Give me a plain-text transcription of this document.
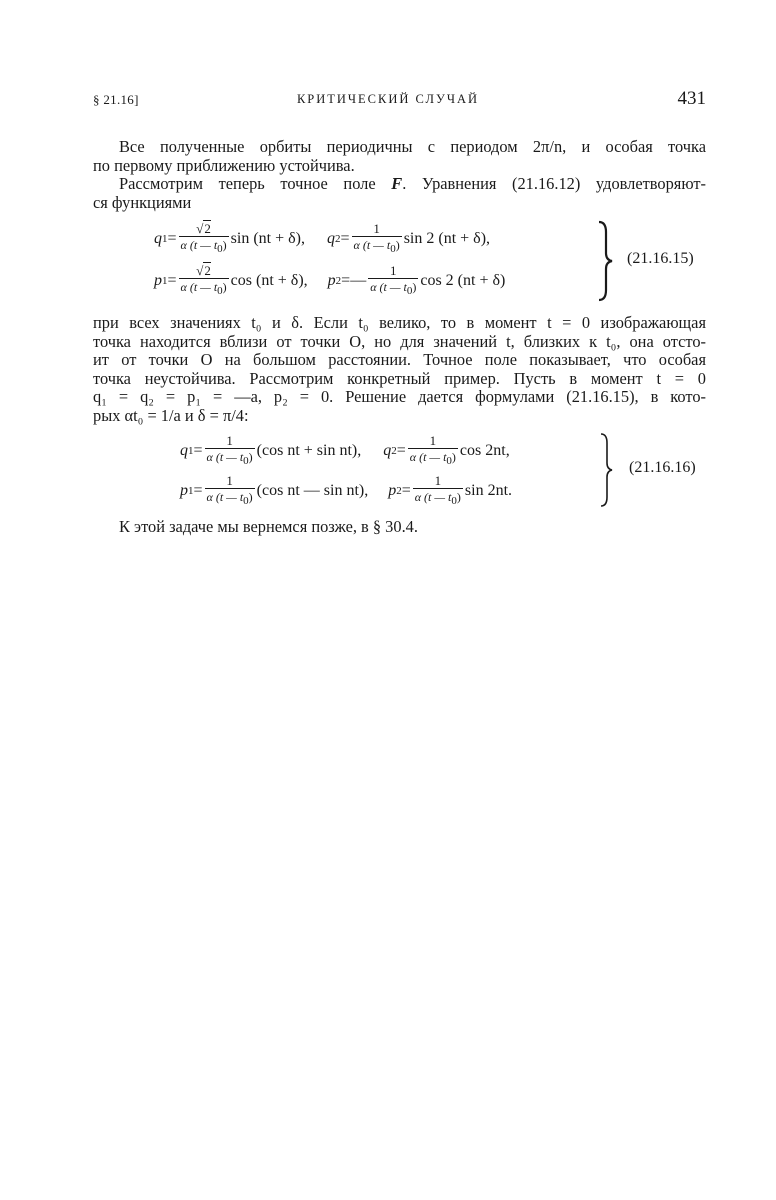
§ 21.16]	КРИТИЧЕСКИЙ СЛУЧАЙ	431
Все полученные орбиты периодичны с периодом 2π/n, и особая точка
по первому приближению устойчива.
Рассмотрим теперь точное поле F. Уравнения (21.16.12) удовлетворяют-
ся функциями
q $1 = \frac{√2}{\alpha (t — t0)}$ sin (nt + δ), q $2 = \frac{1}{\alpha (t — t0)}$ sin 2 (nt + δ),
p $1 = \frac{√2}{\alpha (t — t0)}$ cos (nt + δ), p 2 = — $\frac{1}{\alpha (t — t0)}$ cos 2 (nt + δ)
(21.16.15)
при всех значениях t₀ и δ. Если t₀ велико, то в момент t = 0 изображающая
точка находится вблизи от точки O, но для значений t, близких к t₀, она отсто-
ит от точки O на большом расстоянии. Точное поле показывает, что особая
точка неустойчива. Рассмотрим конкретный пример. Пусть в момент t = 0
q₁ = q₂ = p₁ = —a, p₂ = 0. Решение дается формулами (21.16.15), в кото-
рых αt₀ = 1/a и δ = π/4:
q $1 = \frac{1}{\alpha (t — t0)} (\cos$ nt + sin nt), q $2 = \frac{1}{\alpha (t — t0)}$ cos 2nt,
p $1 = \frac{1}{\alpha (t — t0)} (\cos$ nt — sin nt), p $2 = \frac{1}{\alpha (t — t0)}$ sin 2nt.
(21.16.16)
К этой задаче мы вернемся позже, в § 30.4.
